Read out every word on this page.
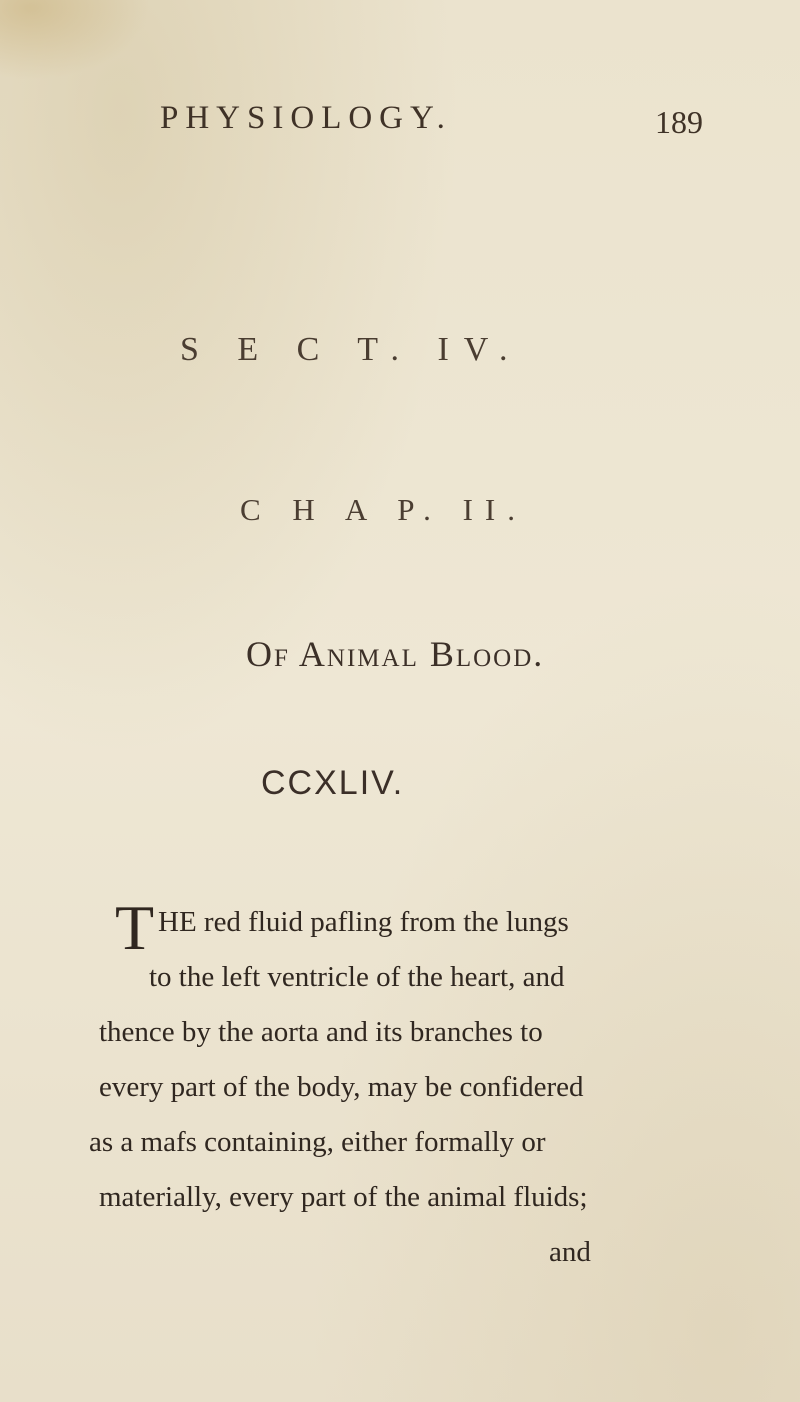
PHYSIOLOGY.	189
S E C T. IV.
C H A P. II.
Of Animal Blood.
CCXLIV.
T HE red fluid pafling from the lungs
to the left ventricle of the heart, and
thence by the aorta and its branches to
every part of the body, may be confidered
as a mafs containing, either formally or
materially, every part of the animal fluids;
and
